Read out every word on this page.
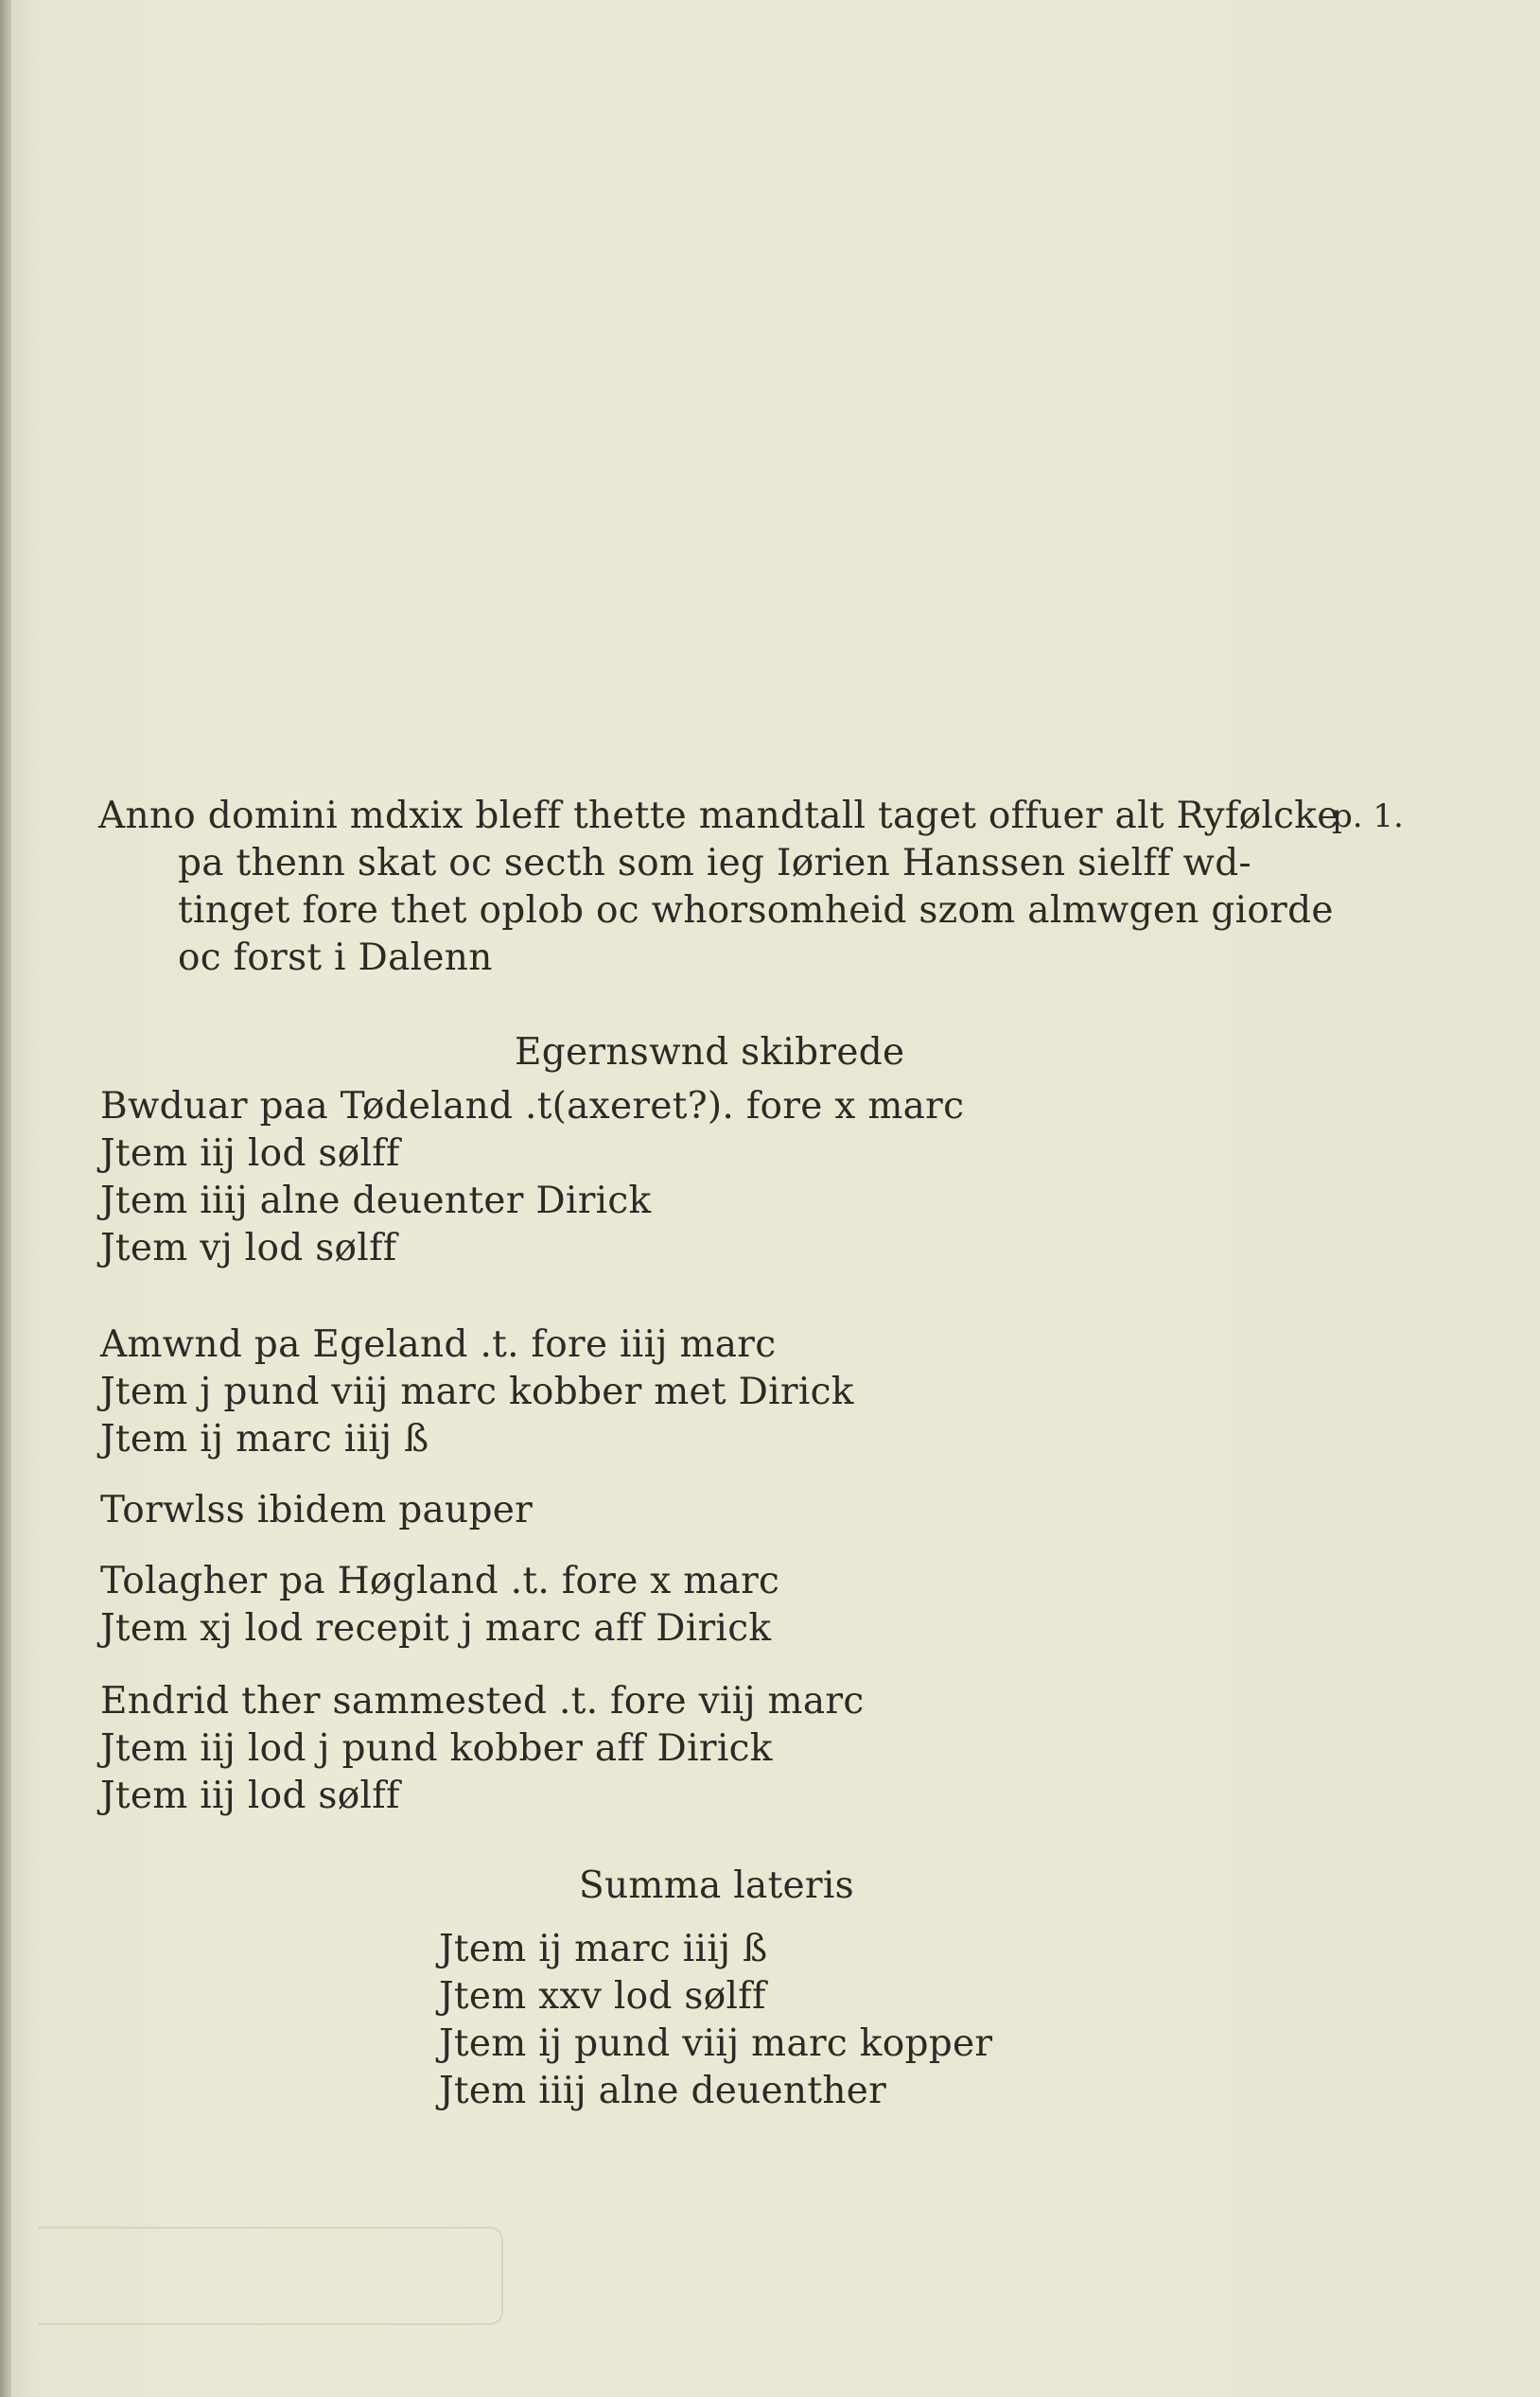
Anno domini mdxix bleff thette mandtall taget offuer alt Ryfølcke
p. 1.
pa thenn skat oc secth som ieg Iørien Hanssen sielff wd-
tinget fore thet oplob oc whorsomheid szom almwgen giorde
oc forst i Dalenn
Egernswnd skibrede
Bwduar paa Tødeland .t(axeret?). fore x marc
Jtem iiј lod sølff
Jtem iiij alne deuenter Dirick
Jtem vј lod sølff
Amwnd pa Egeland .t. fore iiij marc
Jtem ј pund viij marc kobber met Dirick
Jtem ij marc iiij ß
Torwlss ibidem pauper
Tolagher pa Høgland .t. fore x marc
Jtem xј lod recepit ј marc aff Dirick
Endrid ther sammested .t. fore viij marc
Jtem iij lod j pund kobber aff Dirick
Jtem iij lod sølff
Summa lateris
Jtem ij marc iiij ß
Jtem xxv lod sølff
Jtem iј pund viij marc kopper
Jtem iiij alne deuenther
